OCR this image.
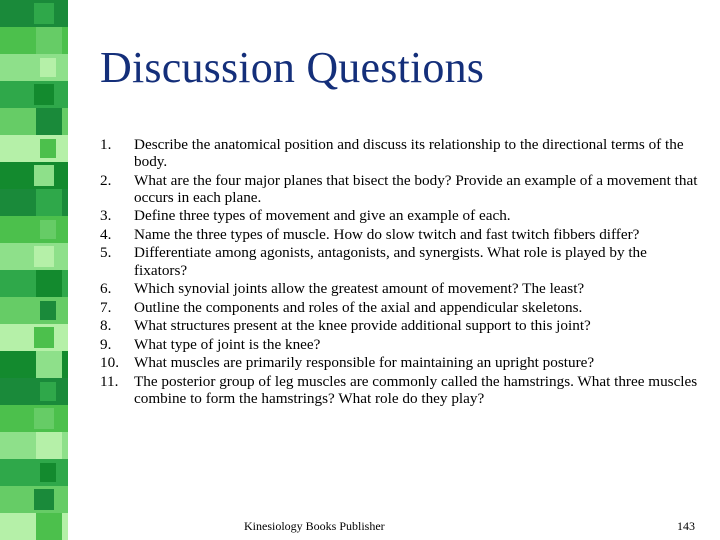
Discussion Questions
1.	Describe the anatomical position and discuss its relationship to the directional terms of the body.
2.	What are the four major planes that bisect the body? Provide an example of a movement that occurs in each plane.
3.	Define three types of movement and give an example of each.
4.	Name the three types of muscle. How do slow twitch and fast twitch fibbers differ?
5.	Differentiate among agonists, antagonists, and synergists. What role is played by the fixators?
6.	Which synovial joints allow the greatest amount of movement? The least?
7.	Outline the components and roles of the axial and appendicular skeletons.
8.	What structures present at the knee provide additional support to this joint?
9.	What type of joint is the knee?
10. What muscles are primarily responsible for maintaining an upright posture?
11.	The posterior group of leg muscles are commonly called the hamstrings. What three muscles combine to form the hamstrings? What role do they play?
Kinesiology Books Publisher	143
